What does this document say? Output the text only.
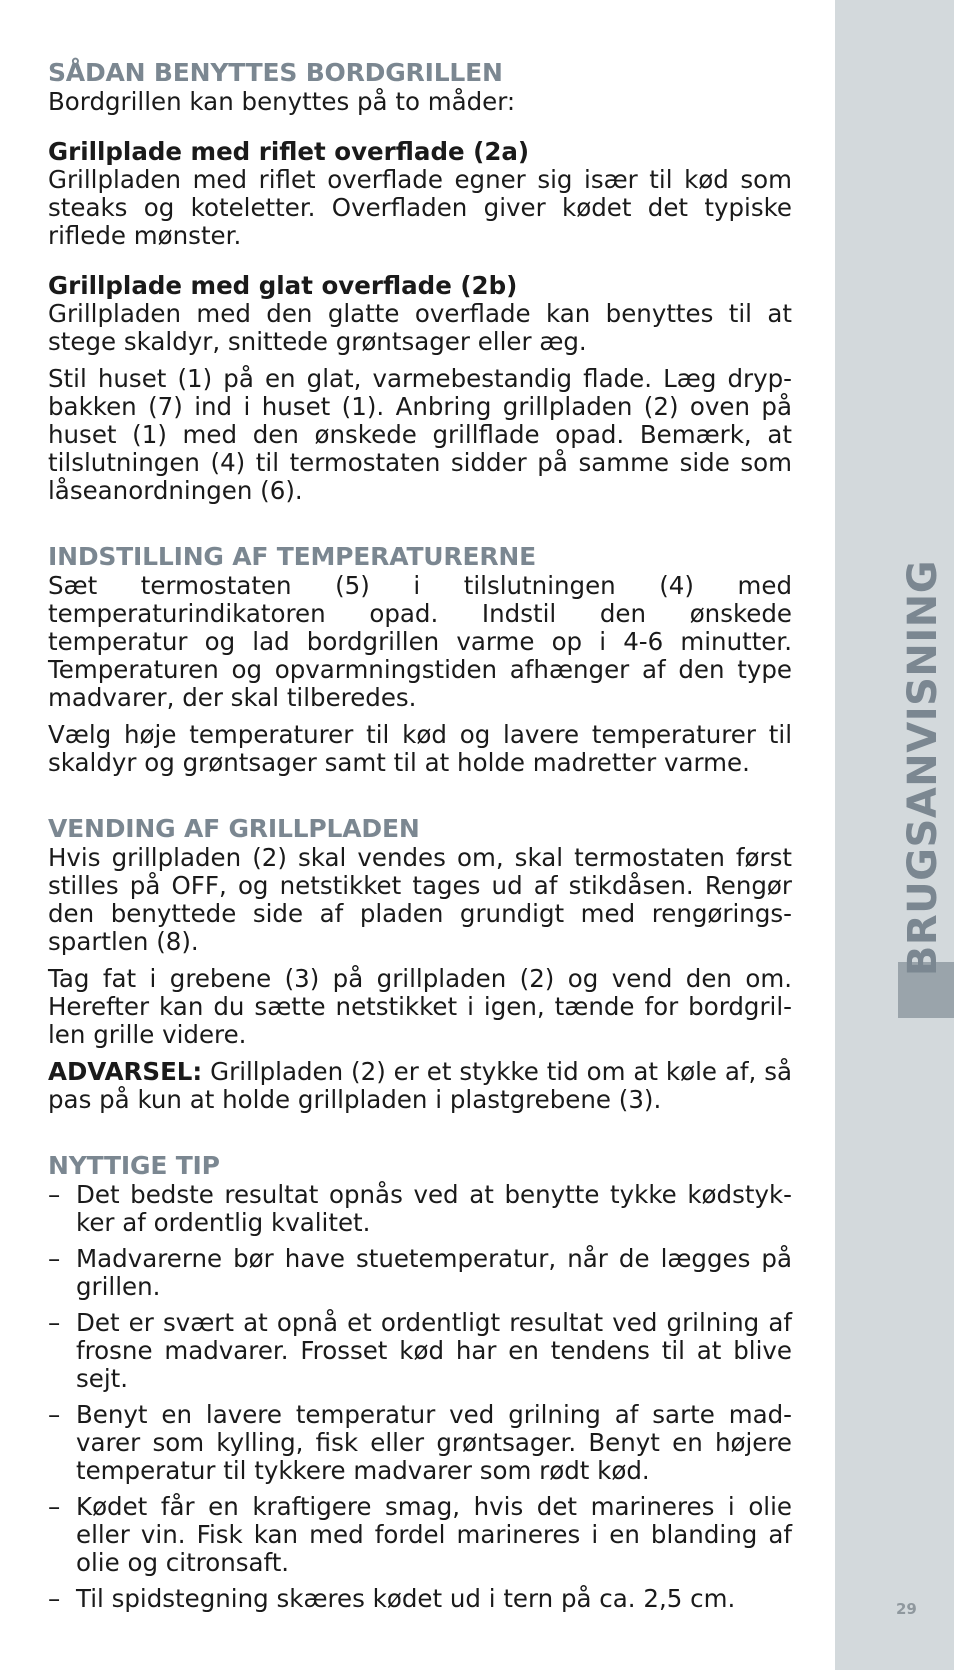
BRUGSANVISNING
29
SÅDAN BENYTTES BORDGRILLEN

Bordgrillen kan benyttes på to måder:

Grillplade med riflet overflade (2a)

Grillpladen med riflet overflade egner sig især til kød som steaks og koteletter. Overfladen giver kødet det typiske riflede mønster.

Grillplade med glat overflade (2b)

Grillpladen med den glatte overflade kan benyttes til at stege skaldyr, snittede grøntsager eller æg.

Stil huset (1) på en glat, varmebestandig flade. Læg drypbakken (7) ind i huset (1). Anbring grillpladen (2) oven på huset (1) med den ønskede grillflade opad. Bemærk, at tilslutningen (4) til termostaten sidder på samme side som låseanordningen (6).

INDSTILLING AF TEMPERATURERNE

Sæt termostaten (5) i tilslutningen (4) med temperaturindikatoren opad. Indstil den ønskede temperatur og lad bordgrillen varme op i 4-6 minutter. Temperaturen og opvarmningstiden afhænger af den type madvarer, der skal tilberedes.

Vælg høje temperaturer til kød og lavere temperaturer til skaldyr og grøntsager samt til at holde madretter varme.

VENDING AF GRILLPLADEN

Hvis grillpladen (2) skal vendes om, skal termostaten først stilles på OFF, og netstikket tages ud af stikdåsen. Rengør den benyttede side af pladen grundigt med rengøringsspartlen (8).

Tag fat i grebene (3) på grillpladen (2) og vend den om. Herefter kan du sætte netstikket i igen, tænde for bordgrillen grille videre.

ADVARSEL: Grillpladen (2) er et stykke tid om at køle af, så pas på kun at holde grillpladen i plastgrebene (3).

NYTTIGE TIP
– Det bedste resultat opnås ved at benytte tykke kødstykker af ordentlig kvalitet.
– Madvarerne bør have stuetemperatur, når de lægges på grillen.
– Det er svært at opnå et ordentligt resultat ved grilning af frosne madvarer. Frosset kød har en tendens til at blive sejt.
– Benyt en lavere temperatur ved grilning af sarte madvarer som kylling, fisk eller grøntsager. Benyt en højere temperatur til tykkere madvarer som rødt kød.
– Kødet får en kraftigere smag, hvis det marineres i olie eller vin. Fisk kan med fordel marineres i en blanding af olie og citronsaft.
– Til spidstegning skæres kødet ud i tern på ca. 2,5 cm.
